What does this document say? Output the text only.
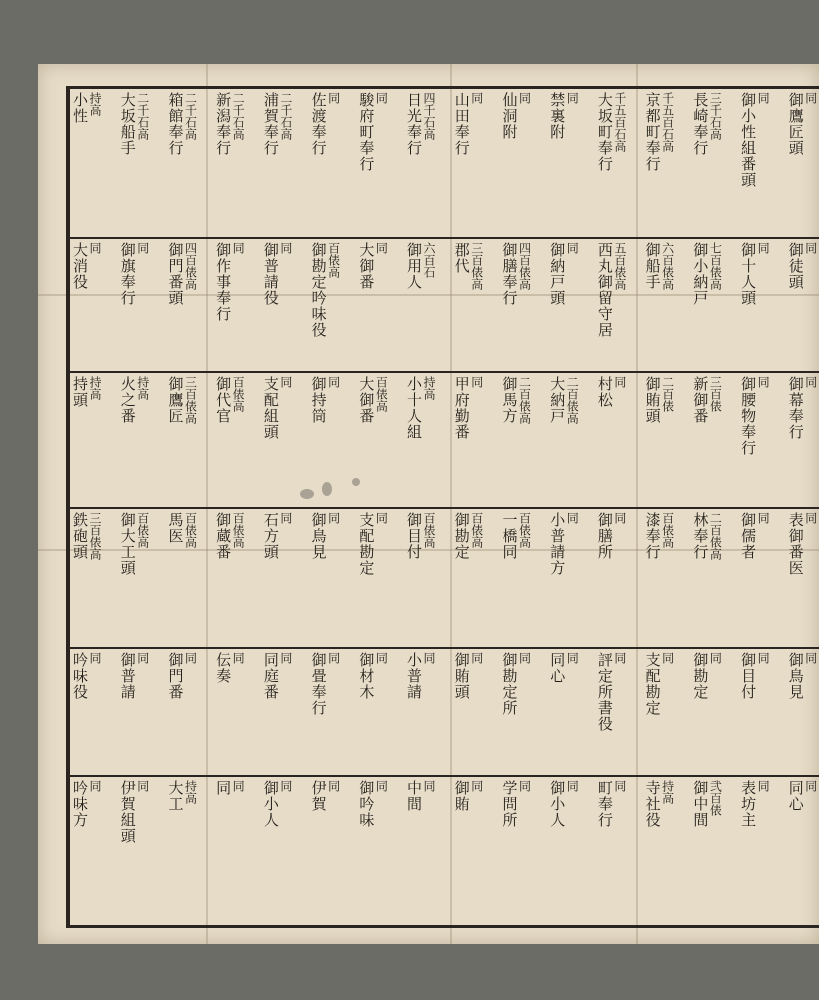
同
御鷹匠頭
同
御小性組番頭
三千石高
長崎奉行
千五百石高
京都町奉行
千五百石高
大坂町奉行
同
禁裏附
同
仙洞附
同
山田奉行
四千石高
日光奉行
同
駿府町奉行
同
佐渡奉行
二千石高
浦賀奉行
二千石高
新潟奉行
二千石高
箱館奉行
二千石高
大坂船手
持高
小性
同
御徒頭
同
御十人頭
七百俵高
御小納戸
六百俵高
御船手
五百俵高
西丸御留守居
同
御納戸頭
四百俵高
御膳奉行
三百俵高
郡代
六百石
御用人
同
大御番
百俵高
御勘定吟味役
同
御普請役
同
御作事奉行
四百俵高
御門番頭
同
御旗奉行
同
大消役
同
御幕奉行
同
御腰物奉行
三百俵
新御番
二百俵
御賄頭
同
村松
二百俵高
大納戸
二百俵高
御馬方
同
甲府勤番
持高
小十人組
百俵高
大御番
同
御持筒
同
支配組頭
百俵高
御代官
三百俵高
御鷹匠
持高
火之番
持高
持頭
同
表御番医
同
御儒者
二百俵高
林奉行
百俵高
漆奉行
同
御膳所
同
小普請方
百俵高
一橋同
百俵高
御勘定
百俵高
御目付
同
支配勘定
同
御鳥見
同
石方頭
百俵高
御蔵番
百俵高
馬医
百俵高
御大工頭
三百俵高
鉄砲頭
同
御鳥見
同
御目付
同
御勘定
同
支配勘定
同
評定所書役
同
同心
同
御勘定所
同
御賄頭
同
小普請
同
御材木
同
御畳奉行
同
同庭番
同
伝奏
同
御門番
同
御普請
同
吟味役
同
同心
同
表坊主
弐百俵
御中間
持高
寺社役
同
町奉行
同
御小人
同
学問所
同
御賄
同
中間
同
御吟味
同
伊賀
同
御小人
同
同
持高
大工
同
伊賀組頭
同
吟味方
